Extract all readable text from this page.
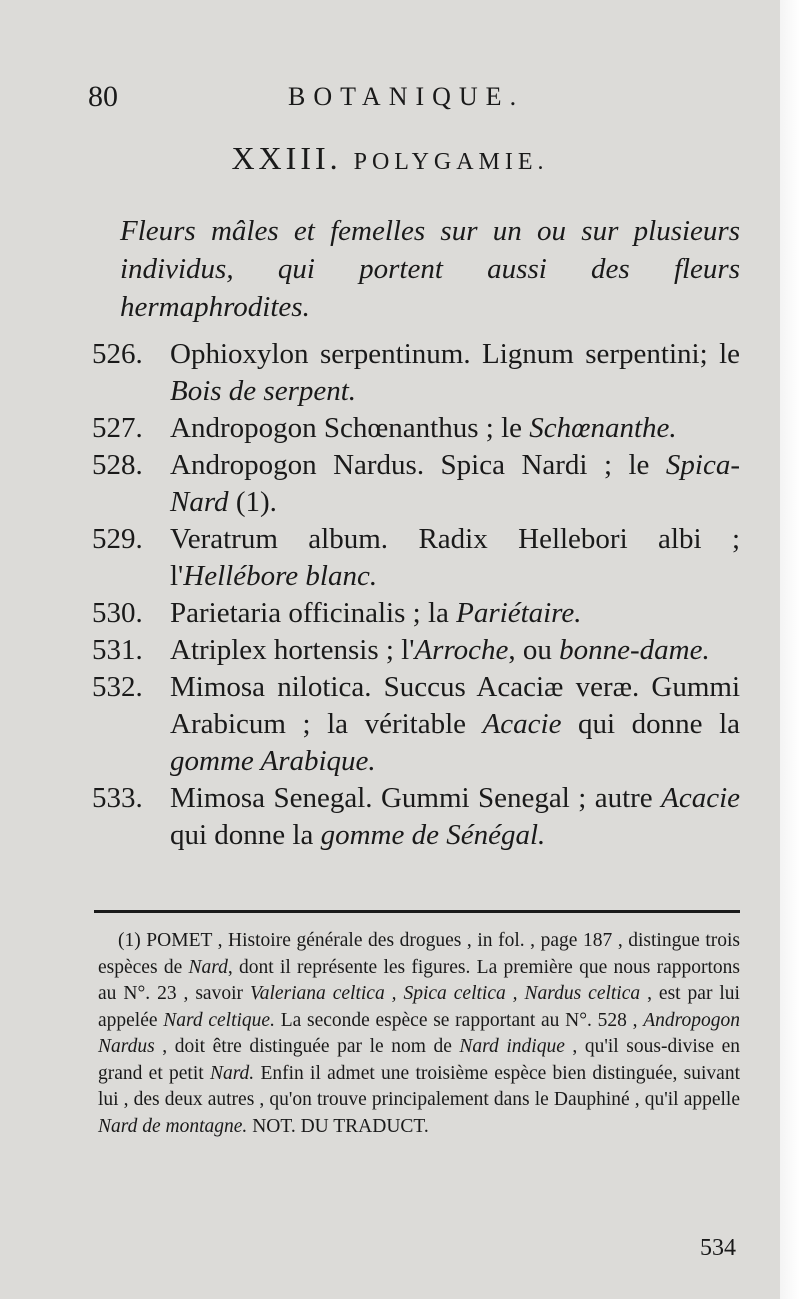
80	BOTANIQUE.
XXIII. POLYGAMIE.
Fleurs mâles et femelles sur un ou sur plusieurs individus, qui portent aussi des fleurs hermaphrodites.
526. Ophioxylon serpentinum. Lignum serpentini; le Bois de serpent.
527. Andropogon Schœnanthus ; le Schœnanthe.
528. Andropogon Nardus. Spica Nardi ; le Spica-Nard (1).
529. Veratrum album. Radix Hellebori albi ; l'Hellébore blanc.
530. Parietaria officinalis ; la Pariétaire.
531. Atriplex hortensis ; l'Arroche, ou bonne-dame.
532. Mimosa nilotica. Succus Acaciæ veræ. Gummi Arabicum ; la véritable Acacie qui donne la gomme Arabique.
533. Mimosa Senegal. Gummi Senegal ; autre Acacie qui donne la gomme de Sénégal.
(1) POMET , Histoire générale des drogues , in fol. , page 187 , distingue trois espèces de Nard, dont il représente les figures. La première que nous rapportons au N°. 23 , savoir Valeriana celtica , Spica celtica , Nardus celtica , est par lui appelée Nard celtique. La seconde espèce se rapportant au N°. 528 , Andropogon Nardus , doit être distinguée par le nom de Nard indique , qu'il sous-divise en grand et petit Nard. Enfin il admet une troisième espèce bien distinguée, suivant lui , des deux autres , qu'on trouve principalement dans le Dauphiné , qu'il appelle Nard de montagne. NOT. DU TRADUCT.
534
